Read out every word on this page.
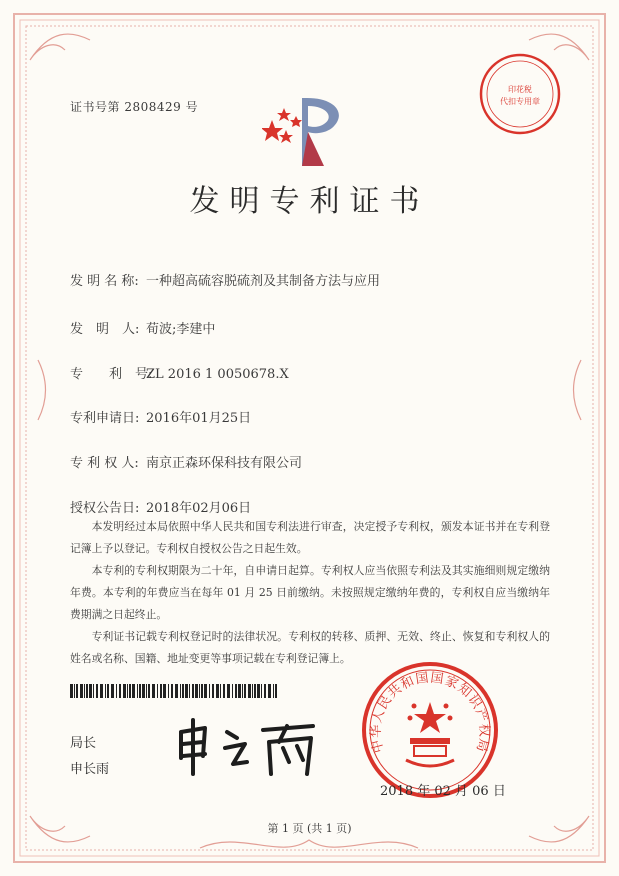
印花税
代扣专用章
证书号第 2808429 号
发明专利证书
发 明 名 称: 一种超高硫容脱硫剂及其制备方法与应用
发　明　人: 荀波;李建中
专　　利　号:ZL 2016 1 0050678.X
专利申请日: 2016年01月25日
专 利 权 人: 南京正森环保科技有限公司
授权公告日: 2018年02月06日

本发明经过本局依照中华人民共和国专利法进行审查，决定授予专利权，颁发本证书并在专利登记簿上予以登记。专利权自授权公告之日起生效。

本专利的专利权期限为二十年，自申请日起算。专利权人应当依照专利法及其实施细则规定缴纳年费。本专利的年费应当在每年 01 月 25 日前缴纳。未按照规定缴纳年费的，专利权自应当缴纳年费期满之日起终止。

专利证书记载专利权登记时的法律状况。专利权的转移、质押、无效、终止、恢复和专利权人的姓名或名称、国籍、地址变更等事项记载在专利登记簿上。

局长
申长雨
中华人民共和国国家知识产权局
2018 年 02 月 06 日
第 1 页 (共 1 页)
